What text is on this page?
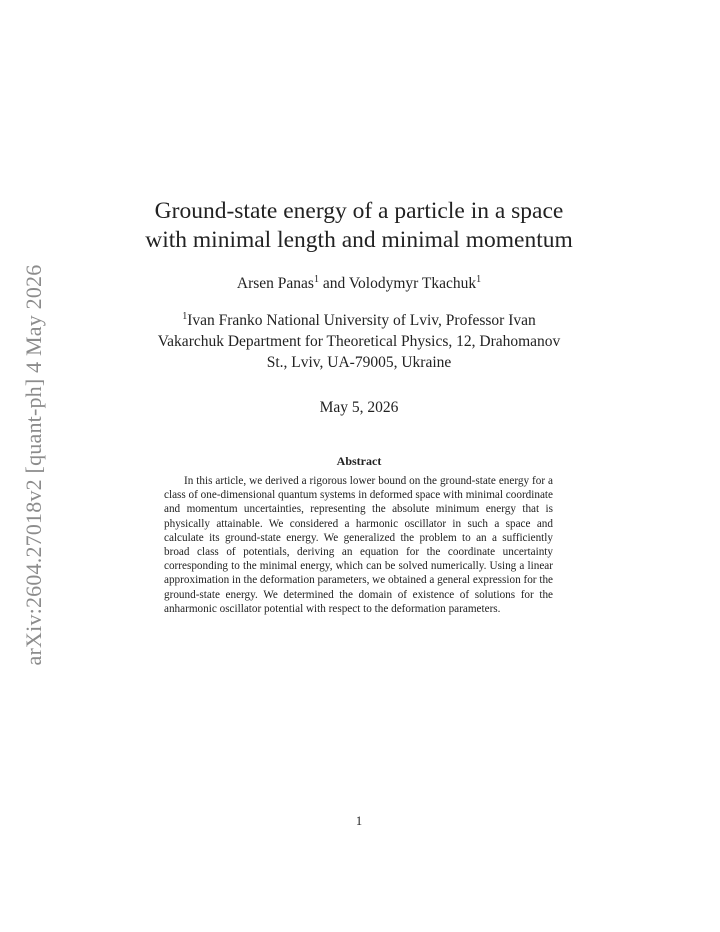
arXiv:2604.27018v2 [quant-ph] 4 May 2026
Ground-state energy of a particle in a space
with minimal length and minimal momentum
Arsen Panas$^1$ and Volodymyr Tkachuk$^1$
$^1$Ivan Franko National University of Lviv, Professor Ivan
Vakarchuk Department for Theoretical Physics, 12, Drahomanov
St., Lviv, UA-79005, Ukraine
May 5, 2026
Abstract

In this article, we derived a rigorous lower bound on the ground-state energy for a class of one-dimensional quantum systems in deformed space with minimal coordinate and momentum uncertainties, representing the absolute minimum energy that is physically attainable. We considered a harmonic oscillator in such a space and calculate its ground-state energy. We generalized the problem to an a sufficiently broad class of potentials, deriving an equation for the coordinate uncertainty corresponding to the minimal energy, which can be solved numerically. Using a linear approximation in the deformation parameters, we obtained a general expression for the ground-state energy. We determined the domain of existence of solutions for the anharmonic oscillator potential with respect to the deformation parameters.

1
